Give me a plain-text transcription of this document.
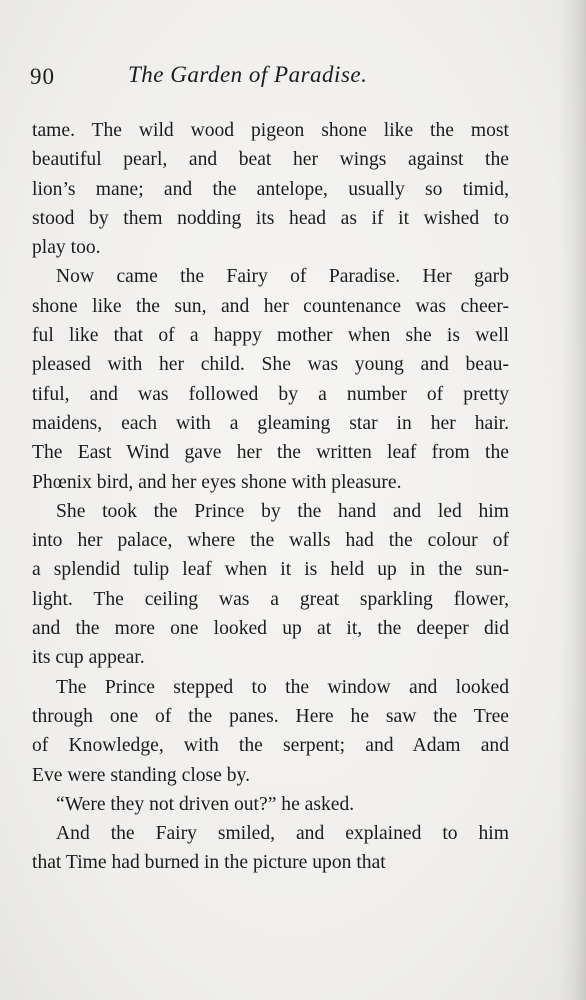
90	The Garden of Paradise.
tame. The wild wood pigeon shone like the most
beautiful pearl, and beat her wings against the
lion’s mane; and the antelope, usually so timid,
stood by them nodding its head as if it wished to
play too.
Now came the Fairy of Paradise. Her garb
shone like the sun, and her countenance was cheer-
ful like that of a happy mother when she is well
pleased with her child. She was young and beau-
tiful, and was followed by a number of pretty
maidens, each with a gleaming star in her hair.
The East Wind gave her the written leaf from the
Phœnix bird, and her eyes shone with pleasure.
She took the Prince by the hand and led him
into her palace, where the walls had the colour of
a splendid tulip leaf when it is held up in the sun-
light. The ceiling was a great sparkling flower,
and the more one looked up at it, the deeper did
its cup appear.
The Prince stepped to the window and looked
through one of the panes. Here he saw the Tree
of Knowledge, with the serpent; and Adam and
Eve were standing close by.
“Were they not driven out?” he asked.
And the Fairy smiled, and explained to him
that Time had burned in the picture upon that
